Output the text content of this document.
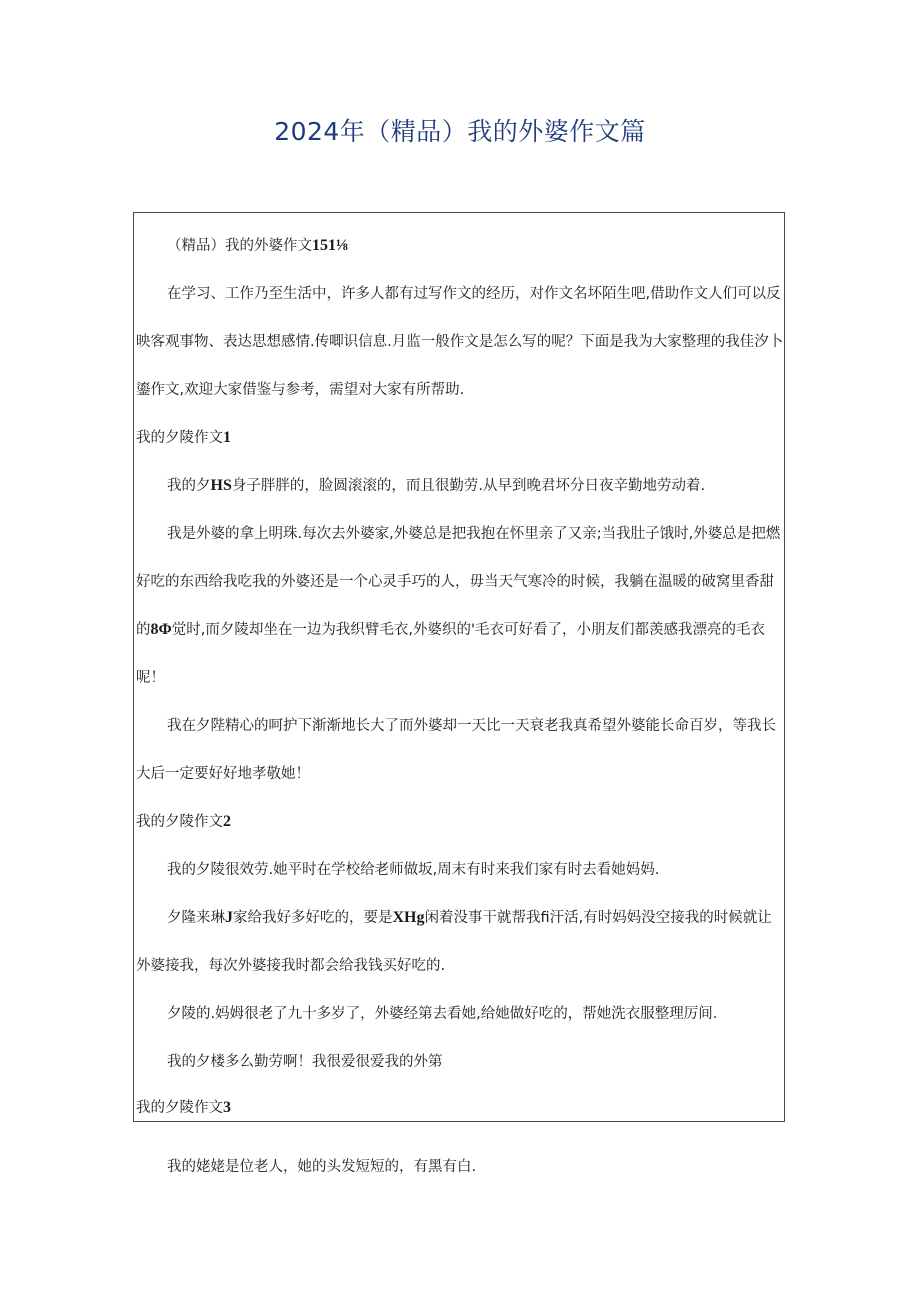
2024年（精品）我的外婆作文篇
（精品）我的外婆作文151⅛
在学习、工作乃至生活中，许多人都有过写作文的经历，对作文名坏陌生吧,借助作文人们可以反
映客观事物、表达思想感情.传唧识信息.月监一般作文是怎么写的呢？下面是我为大家整理的我佳汐卜
鎏作文,欢迎大家借鉴与参考，需望对大家有所帮助.
我的夕陵作文1
我的夕HS身子胖胖的，脸圆滚滚的，而且很勤劳.从早到晚君坏分日夜辛勤地劳动着.
我是外婆的拿上明珠.每次去外婆家,外婆总是把我抱在怀里亲了又亲;当我肚子饿时,外婆总是把燃
好吃的东西给我吃我的外婆还是一个心灵手巧的人，毋当天气寒冷的时候，我躺在温暖的破窝里香甜
的8Φ觉时,而夕陵却坐在一边为我织臂毛衣,外婆织的'毛衣可好看了，小朋友们都羡感我漂亮的毛衣
呢！
我在夕陛精心的呵护下渐渐地长大了而外婆却一天比一天衰老我真希望外婆能长命百岁，等我长
大后一定要好好地孝敬她！
我的夕陵作文2
我的夕陵很效劳.她平时在学校给老师做坂,周末有时来我们家有时去看她妈妈.
夕隆来琳J家给我好多好吃的，要是XHg闲着没事干就帮我fi汗活,有时妈妈没空接我的时候就让
外婆接我，每次外婆接我时都会给我钱买好吃的.
夕陵的.妈姆很老了九十多岁了，外婆经第去看她,给她做好吃的，帮她洗衣服整理厉间.
我的夕楼多么勤劳啊！我很爱很爱我的外第
我的夕陵作文3
我的姥姥是位老人，她的头发短短的，有黑有白.
